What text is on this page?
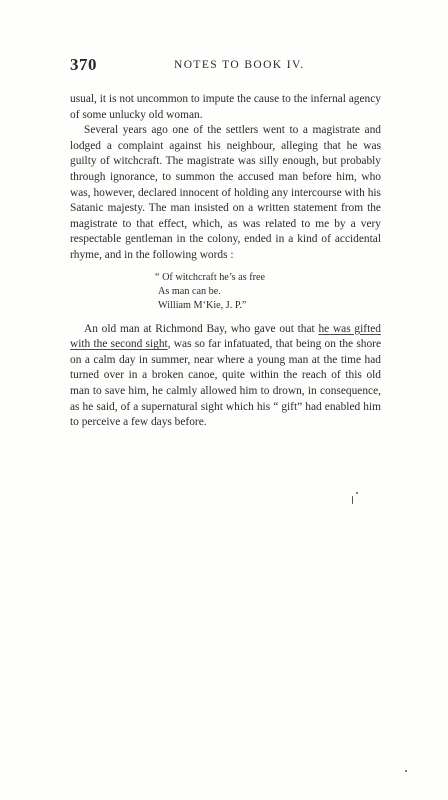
370	NOTES TO BOOK IV.

usual, it is not uncommon to impute the cause to the infernal agency of some unlucky old woman.

Several years ago one of the settlers went to a magistrate and lodged a complaint against his neighbour, alleging that he was guilty of witchcraft. The magistrate was silly enough, but probably through ignorance, to summon the accused man before him, who was, however, declared innocent of holding any intercourse with his Satanic majesty. The man insisted on a written statement from the magistrate to that effect, which, as was related to me by a very respectable gentleman in the colony, ended in a kind of accidental rhyme, and in the following words :

“ Of witchcraft he’s as free
As man can be.
William M‘Kie, J. P.”

An old man at Richmond Bay, who gave out that he was gifted with the second sight, was so far infatuated, that being on the shore on a calm day in summer, near where a young man at the time had turned over in a broken canoe, quite within the reach of this old man to save him, he calmly allowed him to drown, in consequence, as he said, of a supernatural sight which his “ gift” had enabled him to perceive a few days before.
